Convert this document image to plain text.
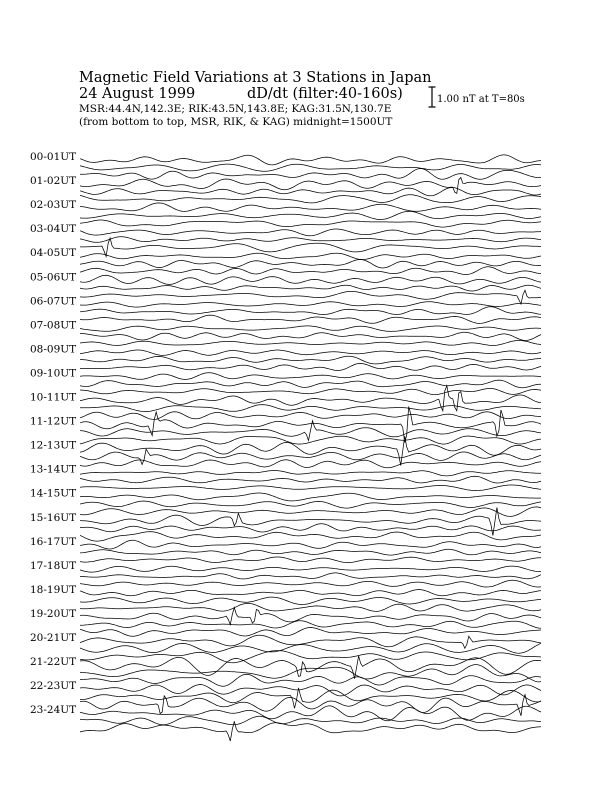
Magnetic Field Variations at 3 Stations in Japan
24 August 1999	dD/dt (filter:40-160s)
MSR:44.4N,142.3E; RIK:43.5N,143.8E; KAG:31.5N,130.7E
(from bottom to top, MSR, RIK, & KAG) midnight=1500UT
1.00 nT at T=80s
00-01UT
01-02UT
02-03UT
03-04UT
04-05UT
05-06UT
06-07UT
07-08UT
08-09UT
09-10UT
10-11UT
11-12UT
12-13UT
13-14UT
14-15UT
15-16UT
16-17UT
17-18UT
18-19UT
19-20UT
20-21UT
21-22UT
22-23UT
23-24UT
